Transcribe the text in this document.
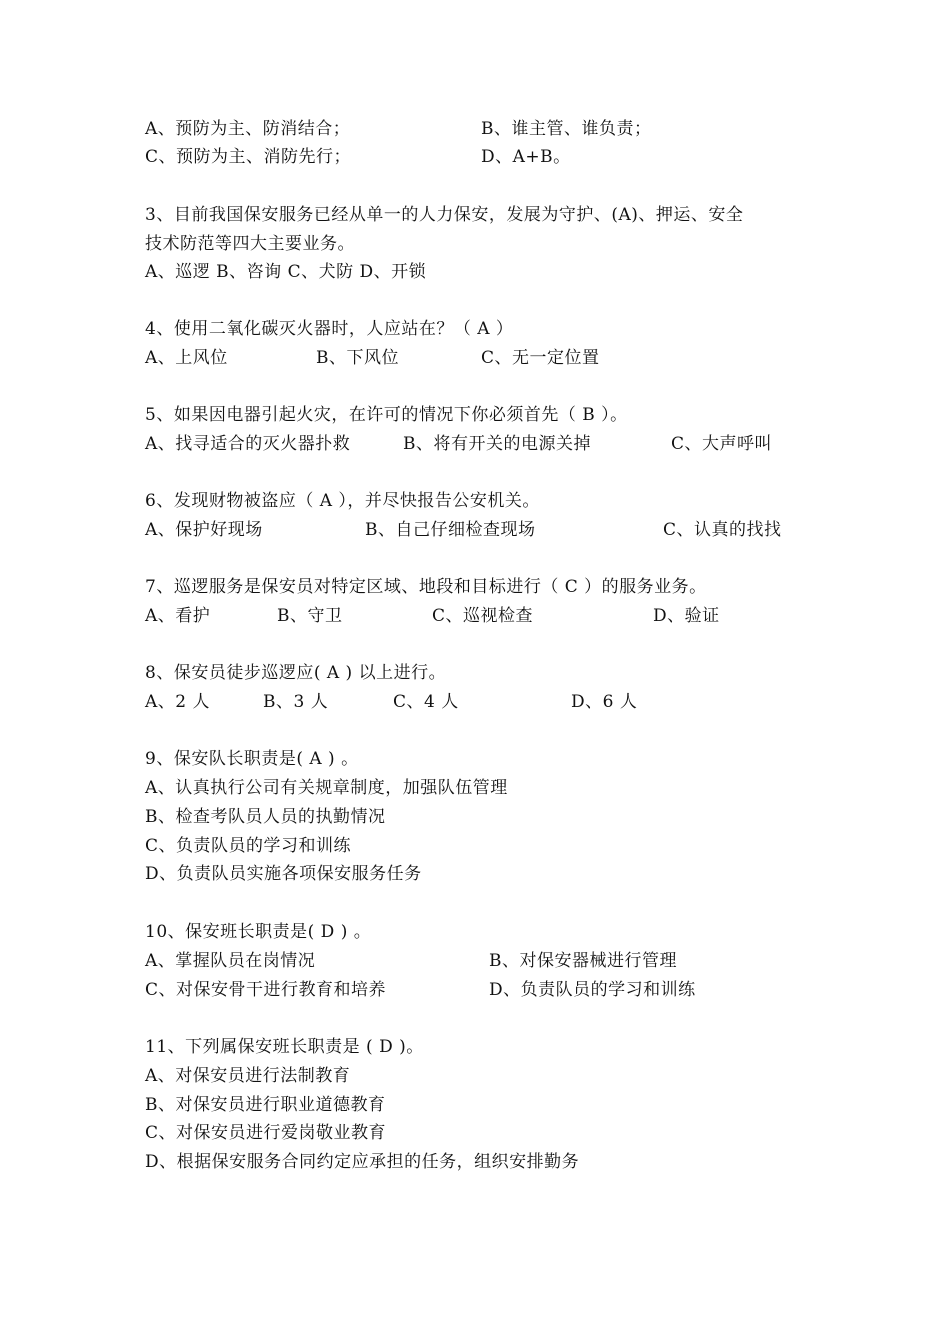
A、预防为主、防消结合；	B、谁主管、谁负责；
C、预防为主、消防先行；	D、A+B。
3、目前我国保安服务已经从单一的人力保安，发展为守护、(A)、押运、安全
技术防范等四大主要业务。
A、巡逻 B、咨询 C、犬防 D、开锁
4、使用二氧化碳灭火器时，人应站在？（ A ）
A、上风位	B、下风位	C、无一定位置
5、如果因电器引起火灾，在许可的情况下你必须首先（ B ）。
A、找寻适合的灭火器扑救	B、将有开关的电源关掉	C、大声呼叫
6、发现财物被盗应（ A ），并尽快报告公安机关。
A、保护好现场	B、自己仔细检查现场	C、认真的找找
7、巡逻服务是保安员对特定区域、地段和目标进行（ C ）的服务业务。
A、看护	B、守卫	C、巡视检查	D、验证
8、保安员徒步巡逻应( A ) 以上进行。
A、2 人	B、3 人	C、4 人	D、6 人
9、保安队长职责是( A ) 。
A、认真执行公司有关规章制度，加强队伍管理
B、检查考队员人员的执勤情况
C、负责队员的学习和训练
D、负责队员实施各项保安服务任务
10、保安班长职责是( D ) 。
A、掌握队员在岗情况	B、对保安器械进行管理
C、对保安骨干进行教育和培养	D、负责队员的学习和训练
11、下列属保安班长职责是 ( D )。
A、对保安员进行法制教育
B、对保安员进行职业道德教育
C、对保安员进行爱岗敬业教育
D、根据保安服务合同约定应承担的任务，组织安排勤务
